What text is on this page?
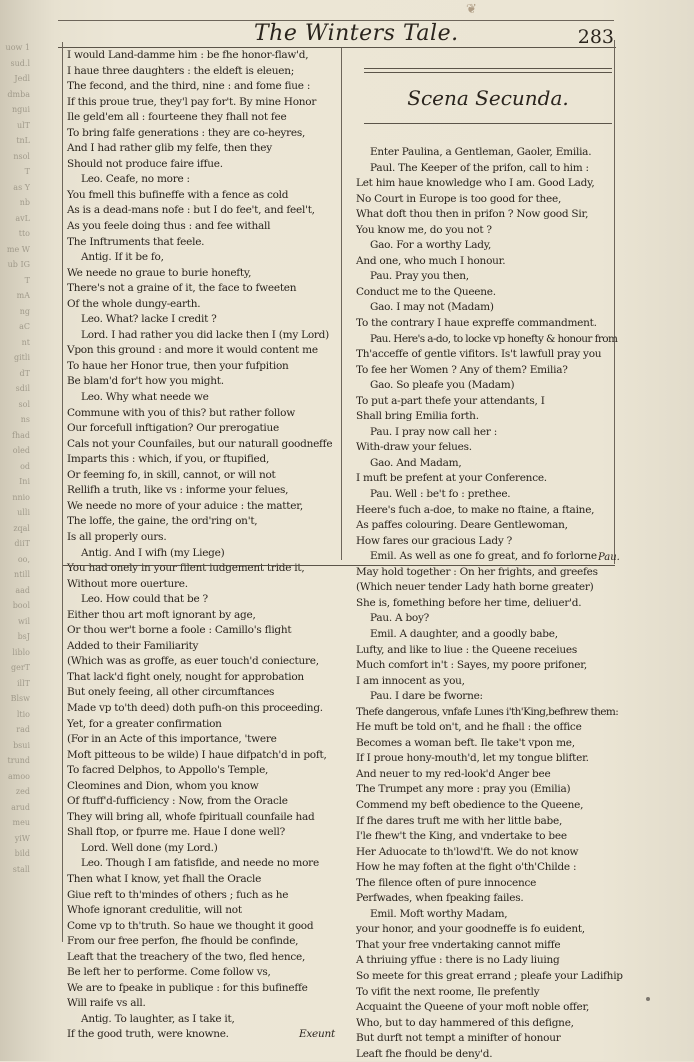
uow 1
sud.l
Jedl
dmba
ngui
ulT
tnL
nsol
T
as Y
nb
avL
tto
me W
ub IG
T
mA
ng
aC
nt
gitli
dT
sdil
sol
ns
fhad
oled
od
Ini
nnio
ulli
zqal
diiT
oo,
ntill
aad
bool
wil
bsJ
liblo
gerT
illT
Blsw
ltio
rad
bsui
trund
amoo
zed
arud
meu
yiW
bild
stall
❦
The Winters Tale.	283
I would Land-damme him : be fhe honor-flaw'd,
I haue three daughters : the eldeft is eleuen;
The fecond, and the third, nine : and fome fiue :
If this proue true, they'l pay for't. By mine Honor
Ile geld'em all : fourteene they fhall not fee
To bring falfe generations : they are co-heyres,
And I had rather glib my felfe, then they
Should not produce faire iffue.
Leo. Ceafe, no more :
You fmell this bufineffe with a fence as cold
As is a dead-mans nofe : but I do fee't, and feel't,
As you feele doing thus : and fee withall
The Inftruments that feele.
Antig. If it be fo,
We neede no graue to burie honefty,
There's not a graine of it, the face to fweeten
Of the whole dungy-earth.
Leo. What? lacke I credit ?
Lord. I had rather you did lacke then I (my Lord)
Vpon this ground : and more it would content me
To haue her Honor true, then your fufpition
Be blam'd for't how you might.
Leo. Why what neede we
Commune with you of this? but rather follow
Our forcefull inftigation? Our prerogatiue
Cals not your Counfailes, but our naturall goodneffe
Imparts this : which, if you, or ftupified,
Or feeming fo, in skill, cannot, or will not
Rellifh a truth, like vs : informe your felues,
We neede no more of your aduice : the matter,
The loffe, the gaine, the ord'ring on't,
Is all properly ours.
Antig. And I wifh (my Liege)
You had onely in your filent iudgement tride it,
Without more ouerture.
Leo. How could that be ?
Either thou art moft ignorant by age,
Or thou wer't borne a foole : Camillo's flight
Added to their Familiarity
(Which was as groffe, as euer touch'd coniecture,
That lack'd fight onely, nought for approbation
But onely feeing, all other circumftances
Made vp to'th deed) doth pufh-on this proceeding.
Yet, for a greater confirmation
(For in an Acte of this importance, 'twere
Moft pitteous to be wilde) I haue difpatch'd in poft,
To facred Delphos, to Appollo's Temple,
Cleomines and Dion, whom you know
Of ftuff'd-fufficiency : Now, from the Oracle
They will bring all, whofe fpirituall counfaile had
Shall ftop, or fpurre me. Haue I done well?
Lord. Well done (my Lord.)
Leo. Though I am fatisfide, and neede no more
Then what I know, yet fhall the Oracle
Giue reft to th'mindes of others ; fuch as he
Whofe ignorant credulitie, will not
Come vp to th'truth. So haue we thought it good
From our free perfon, fhe fhould be confinde,
Leaft that the treachery of the two, fled hence,
Be left her to performe. Come follow vs,
We are to fpeake in publique : for this bufineffe
Will raife vs all.
Antig. To laughter, as I take it,
If the good truth, were knowne.	Exeunt
Scena Secunda.
Enter Paulina, a Gentleman, Gaoler, Emilia.
Paul. The Keeper of the prifon, call to him :
Let him haue knowledge who I am. Good Lady,
No Court in Europe is too good for thee,
What doft thou then in prifon ? Now good Sir,
You know me, do you not ?
Gao. For a worthy Lady,
And one, who much I honour.
Pau. Pray you then,
Conduct me to the Queene.
Gao. I may not (Madam)
To the contrary I haue expreffe commandment.
Pau. Here's a-do, to locke vp honefty & honour from
Th'acceffe of gentle vifitors. Is't lawfull pray you
To fee her Women ? Any of them? Emilia?
Gao. So pleafe you (Madam)
To put a-part thefe your attendants, I
Shall bring Emilia forth.
Pau. I pray now call her :
With-draw your felues.
Gao. And Madam,
I muft be prefent at your Conference.
Pau. Well : be't fo : prethee.
Heere's fuch a-doe, to make no ftaine, a ftaine,
As paffes colouring. Deare Gentlewoman,
How fares our gracious Lady ?
Emil. As well as one fo great, and fo forlorne
May hold together : On her frights, and greefes
(Which neuer tender Lady hath borne greater)
She is, fomething before her time, deliuer'd.
Pau. A boy?
Emil. A daughter, and a goodly babe,
Lufty, and like to liue : the Queene receiues
Much comfort in't : Sayes, my poore prifoner,
I am innocent as you,
Pau. I dare be fworne:
Thefe dangerous, vnfafe Lunes i'th'King,befhrew them:
He muft be told on't, and he fhall : the office
Becomes a woman beft. Ile take't vpon me,
If I proue hony-mouth'd, let my tongue blifter.
And neuer to my red-look'd Anger bee
The Trumpet any more : pray you (Emilia)
Commend my beft obedience to the Queene,
If fhe dares truft me with her little babe,
I'le fhew't the King, and vndertake to bee
Her Aduocate to th'lowd'ft. We do not know
How he may foften at the fight o'th'Childe :
The filence often of pure innocence
Perfwades, when fpeaking failes.
Emil. Moft worthy Madam,
your honor, and your goodneffe is fo euident,
That your free vndertaking cannot miffe
A thriuing yffue : there is no Lady liuing
So meete for this great errand ; pleafe your Ladifhip
To vifit the next roome, Ile prefently
Acquaint the Queene of your moft noble offer,
Who, but to day hammered of this defigne,
But durft not tempt a minifter of honour
Leaft fhe fhould be deny'd.
Pau.
